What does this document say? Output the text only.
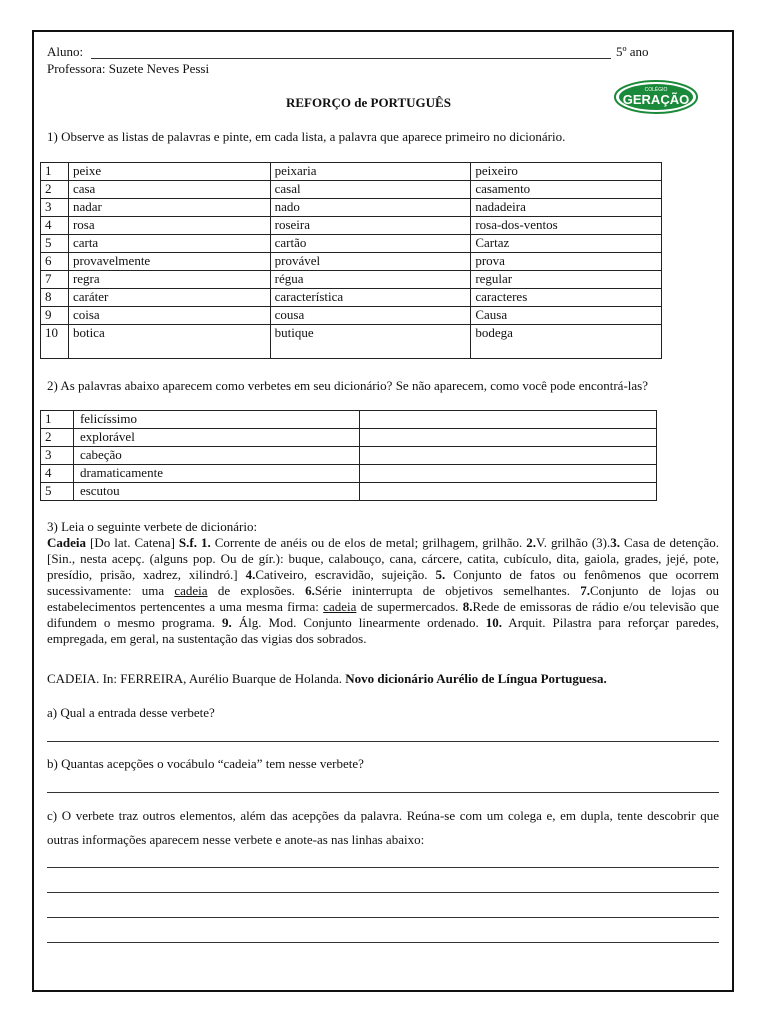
Aluno:	5º ano
Professora: Suzete Neves Pessi
REFORÇO de PORTUGUÊS
COLÉGIO
GERAÇÃO
1) Observe as listas de palavras e pinte, em cada lista, a palavra que aparece primeiro no dicionário.
1	peixe	peixaria	peixeiro
2	casa	casal	casamento
3	nadar	nado	nadadeira
4	rosa	roseira	rosa-dos-ventos
5	carta	cartão	Cartaz
6	provavelmente	provável	prova
7	regra	régua	regular
8	caráter	característica	caracteres
9	coisa	cousa	Causa
10	botica	butique	bodega
2) As palavras abaixo aparecem como verbetes em seu dicionário? Se não aparecem, como você pode encontrá-las?
1	felicíssimo	
2	explorável	
3	cabeção	
4	dramaticamente	
5	escutou	
3) Leia o seguinte verbete de dicionário:
Cadeia [Do lat. Catena] S.f. 1. Corrente de anéis ou de elos de metal; grilhagem, grilhão. 2.V. grilhão (3).3. Casa de detenção. [Sin., nesta acepç. (alguns pop. Ou de gír.): buque, calabouço, cana, cárcere, catita, cubículo, dita, gaiola, grades, jejé, pote, presídio, prisão, xadrez, xilindró.] 4.Cativeiro, escravidão, sujeição. 5. Conjunto de fatos ou fenômenos que ocorrem sucessivamente: uma cadeia de explosões. 6.Série ininterrupta de objetivos semelhantes. 7.Conjunto de lojas ou estabelecimentos pertencentes a uma mesma firma: cadeia de supermercados. 8.Rede de emissoras de rádio e/ou televisão que difundem o mesmo programa. 9. Álg. Mod. Conjunto linearmente ordenado. 10. Arquit. Pilastra para reforçar paredes, empregada, em geral, na sustentação das vigias dos sobrados.
CADEIA. In: FERREIRA, Aurélio Buarque de Holanda. Novo dicionário Aurélio de Língua Portuguesa.
a) Qual a entrada desse verbete?
b) Quantas acepções o vocábulo “cadeia” tem nesse verbete?
c) O verbete traz outros elementos, além das acepções da palavra. Reúna-se com um colega e, em dupla, tente descobrir que outras informações aparecem nesse verbete e anote-as nas linhas abaixo:
